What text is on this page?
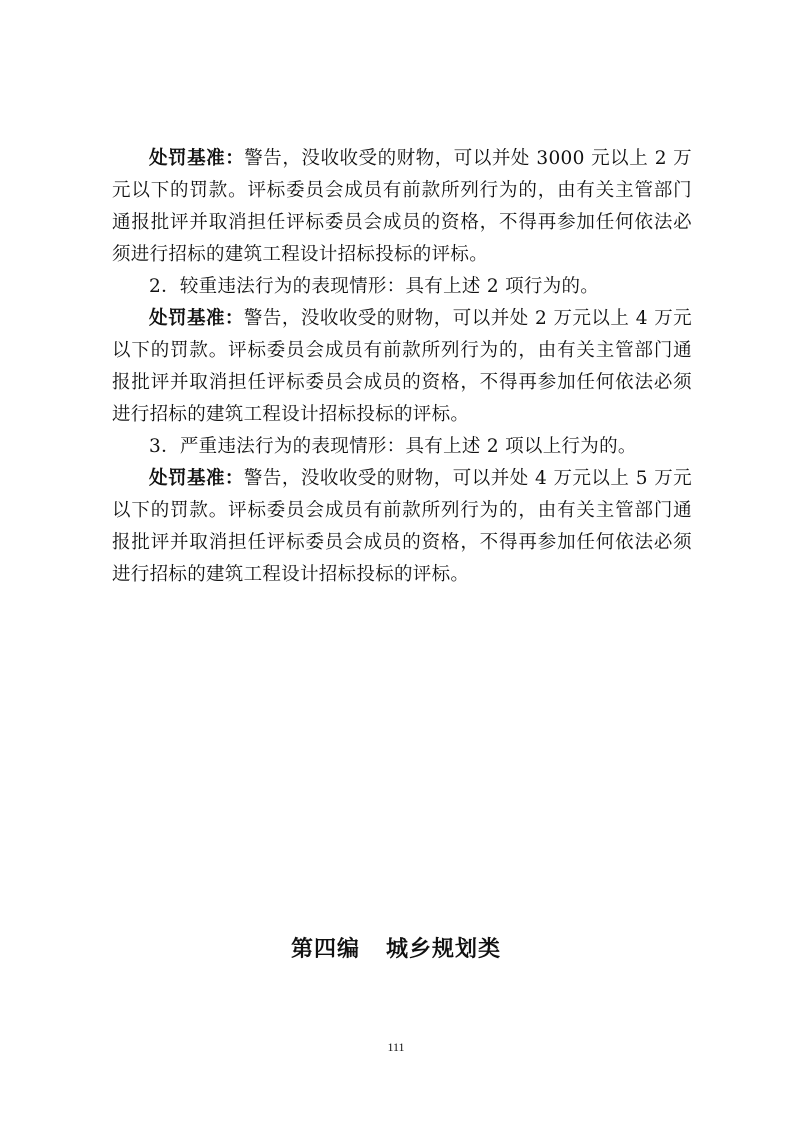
处罚基准：警告，没收收受的财物，可以并处 3000 元以上 2 万元以下的罚款。评标委员会成员有前款所列行为的，由有关主管部门通报批评并取消担任评标委员会成员的资格，不得再参加任何依法必须进行招标的建筑工程设计招标投标的评标。

2．较重违法行为的表现情形：具有上述 2 项行为的。

处罚基准：警告，没收收受的财物，可以并处 2 万元以上 4 万元以下的罚款。评标委员会成员有前款所列行为的，由有关主管部门通报批评并取消担任评标委员会成员的资格，不得再参加任何依法必须进行招标的建筑工程设计招标投标的评标。

3．严重违法行为的表现情形：具有上述 2 项以上行为的。

处罚基准：警告，没收收受的财物，可以并处 4 万元以上 5 万元以下的罚款。评标委员会成员有前款所列行为的，由有关主管部门通报批评并取消担任评标委员会成员的资格，不得再参加任何依法必须进行招标的建筑工程设计招标投标的评标。

第四编 城乡规划类
111
